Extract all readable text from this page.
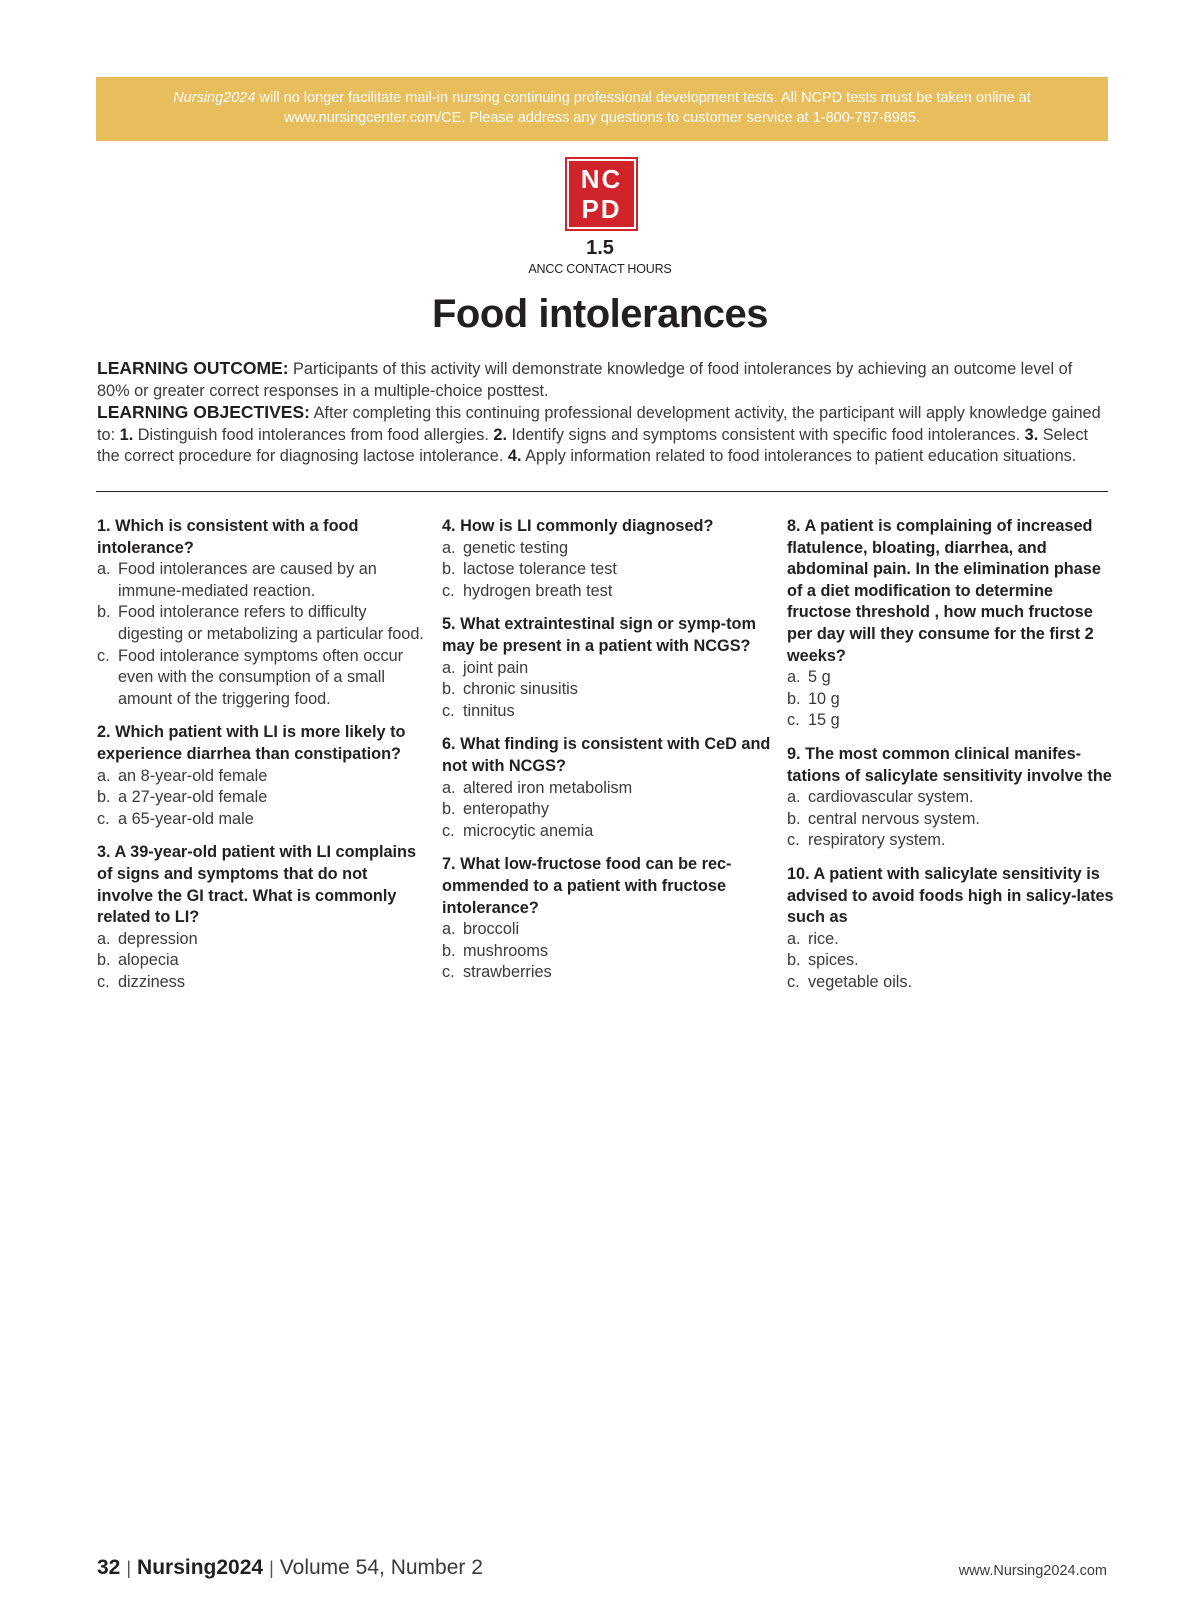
Nursing2024 will no longer facilitate mail-in nursing continuing professional development tests. All NCPD tests must be taken online at
www.nursingcenter.com/CE. Please address any questions to customer service at 1-800-787-8985.
NC
PD
1.5
ANCC CONTACT HOURS
Food intolerances
LEARNING OUTCOME: Participants of this activity will demonstrate knowledge of food intolerances by achieving an outcome level of 80% or greater correct responses in a multiple-choice posttest.
LEARNING OBJECTIVES: After completing this continuing professional development activity, the participant will apply knowledge gained to: 1. Distinguish food intolerances from food allergies. 2. Identify signs and symptoms consistent with specific food intolerances. 3. Select the correct procedure for diagnosing lactose intolerance. 4. Apply information related to food intolerances to patient education situations.
1. Which is consistent with a food intolerance?
a. Food intolerances are caused by an immune-mediated reaction.
b. Food intolerance refers to difficulty digesting or metabolizing a particular food.
c. Food intolerance symptoms often occur even with the consumption of a small amount of the triggering food.
2. Which patient with LI is more likely to experience diarrhea than constipation?
a. an 8-year-old female
b. a 27-year-old female
c. a 65-year-old male
3. A 39-year-old patient with LI complains of signs and symptoms that do not involve the GI tract. What is commonly related to LI?
a. depression
b. alopecia
c. dizziness
4. How is LI commonly diagnosed?
a. genetic testing
b. lactose tolerance test
c. hydrogen breath test
5. What extraintestinal sign or symp-tom may be present in a patient with NCGS?
a. joint pain
b. chronic sinusitis
c. tinnitus
6. What finding is consistent with CeD and not with NCGS?
a. altered iron metabolism
b. enteropathy
c. microcytic anemia
7. What low-fructose food can be rec-ommended to a patient with fructose intolerance?
a. broccoli
b. mushrooms
c. strawberries
8. A patient is complaining of increased flatulence, bloating, diarrhea, and abdominal pain. In the elimination phase of a diet modification to determine fructose threshold , how much fructose per day will they consume for the first 2 weeks?
a. 5 g
b. 10 g
c. 15 g
9. The most common clinical manifes-tations of salicylate sensitivity involve the
a. cardiovascular system.
b. central nervous system.
c. respiratory system.
10. A patient with salicylate sensitivity is advised to avoid foods high in salicy-lates such as
a. rice.
b. spices.
c. vegetable oils.
32 | Nursing2024 | Volume 54, Number 2	www.Nursing2024.com
